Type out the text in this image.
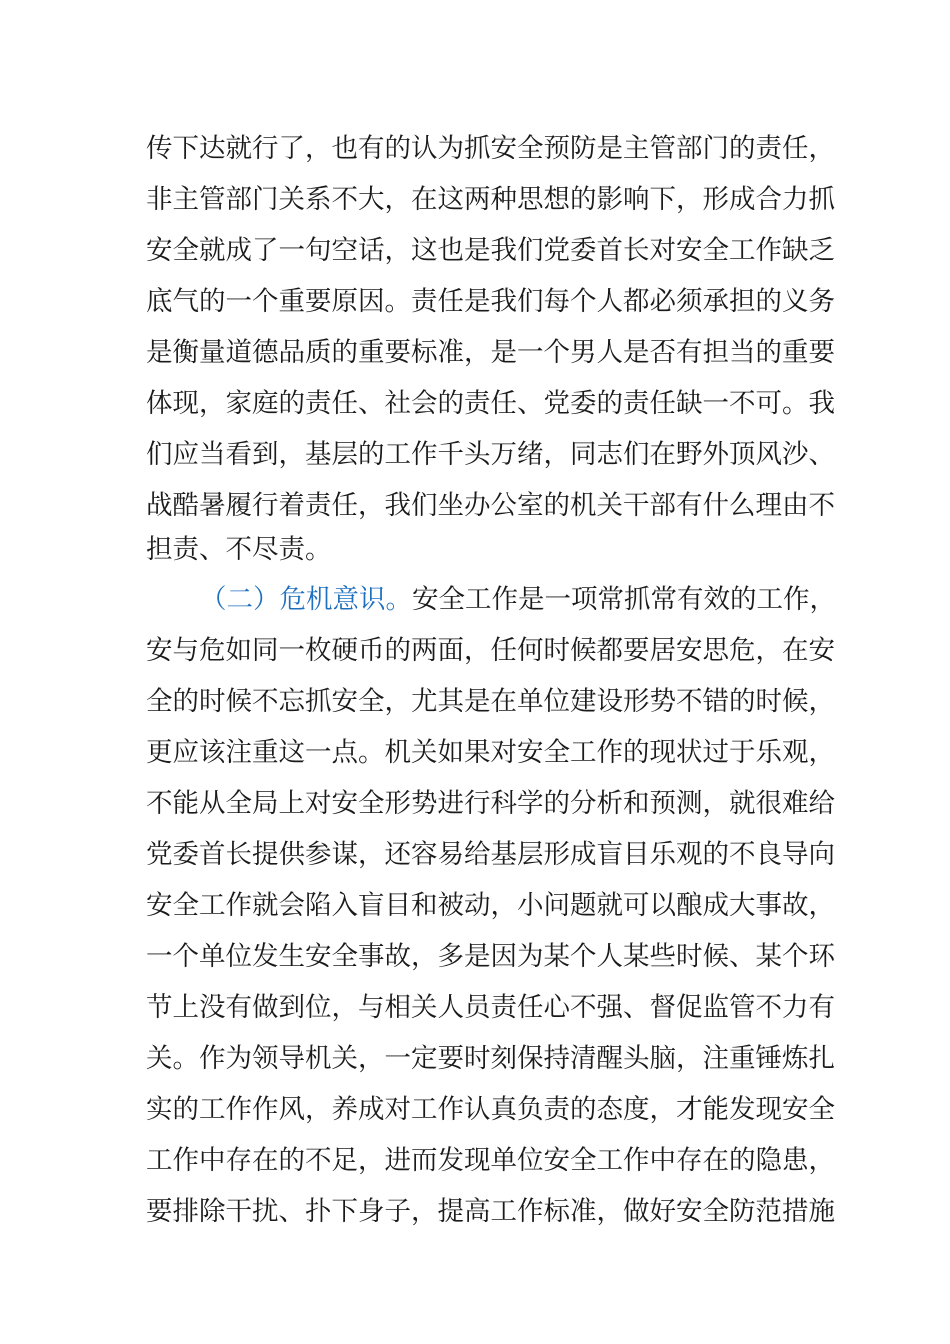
传下达就行了，也有的认为抓安全预防是主管部门的责任，
非主管部门关系不大，在这两种思想的影响下，形成合力抓
安全就成了一句空话，这也是我们党委首长对安全工作缺乏
底气的一个重要原因。责任是我们每个人都必须承担的义务
是衡量道德品质的重要标准，是一个男人是否有担当的重要
体现，家庭的责任、社会的责任、党委的责任缺一不可。我
们应当看到，基层的工作千头万绪，同志们在野外顶风沙、
战酷暑履行着责任，我们坐办公室的机关干部有什么理由不
担责、不尽责。
（二）危机意识。安全工作是一项常抓常有效的工作，
安与危如同一枚硬币的两面，任何时候都要居安思危，在安
全的时候不忘抓安全，尤其是在单位建设形势不错的时候，
更应该注重这一点。机关如果对安全工作的现状过于乐观，
不能从全局上对安全形势进行科学的分析和预测，就很难给
党委首长提供参谋，还容易给基层形成盲目乐观的不良导向
安全工作就会陷入盲目和被动，小问题就可以酿成大事故，
一个单位发生安全事故，多是因为某个人某些时候、某个环
节上没有做到位，与相关人员责任心不强、督促监管不力有
关。作为领导机关，一定要时刻保持清醒头脑，注重锤炼扎
实的工作作风，养成对工作认真负责的态度，才能发现安全
工作中存在的不足，进而发现单位安全工作中存在的隐患，
要排除干扰、扑下身子，提高工作标准，做好安全防范措施
